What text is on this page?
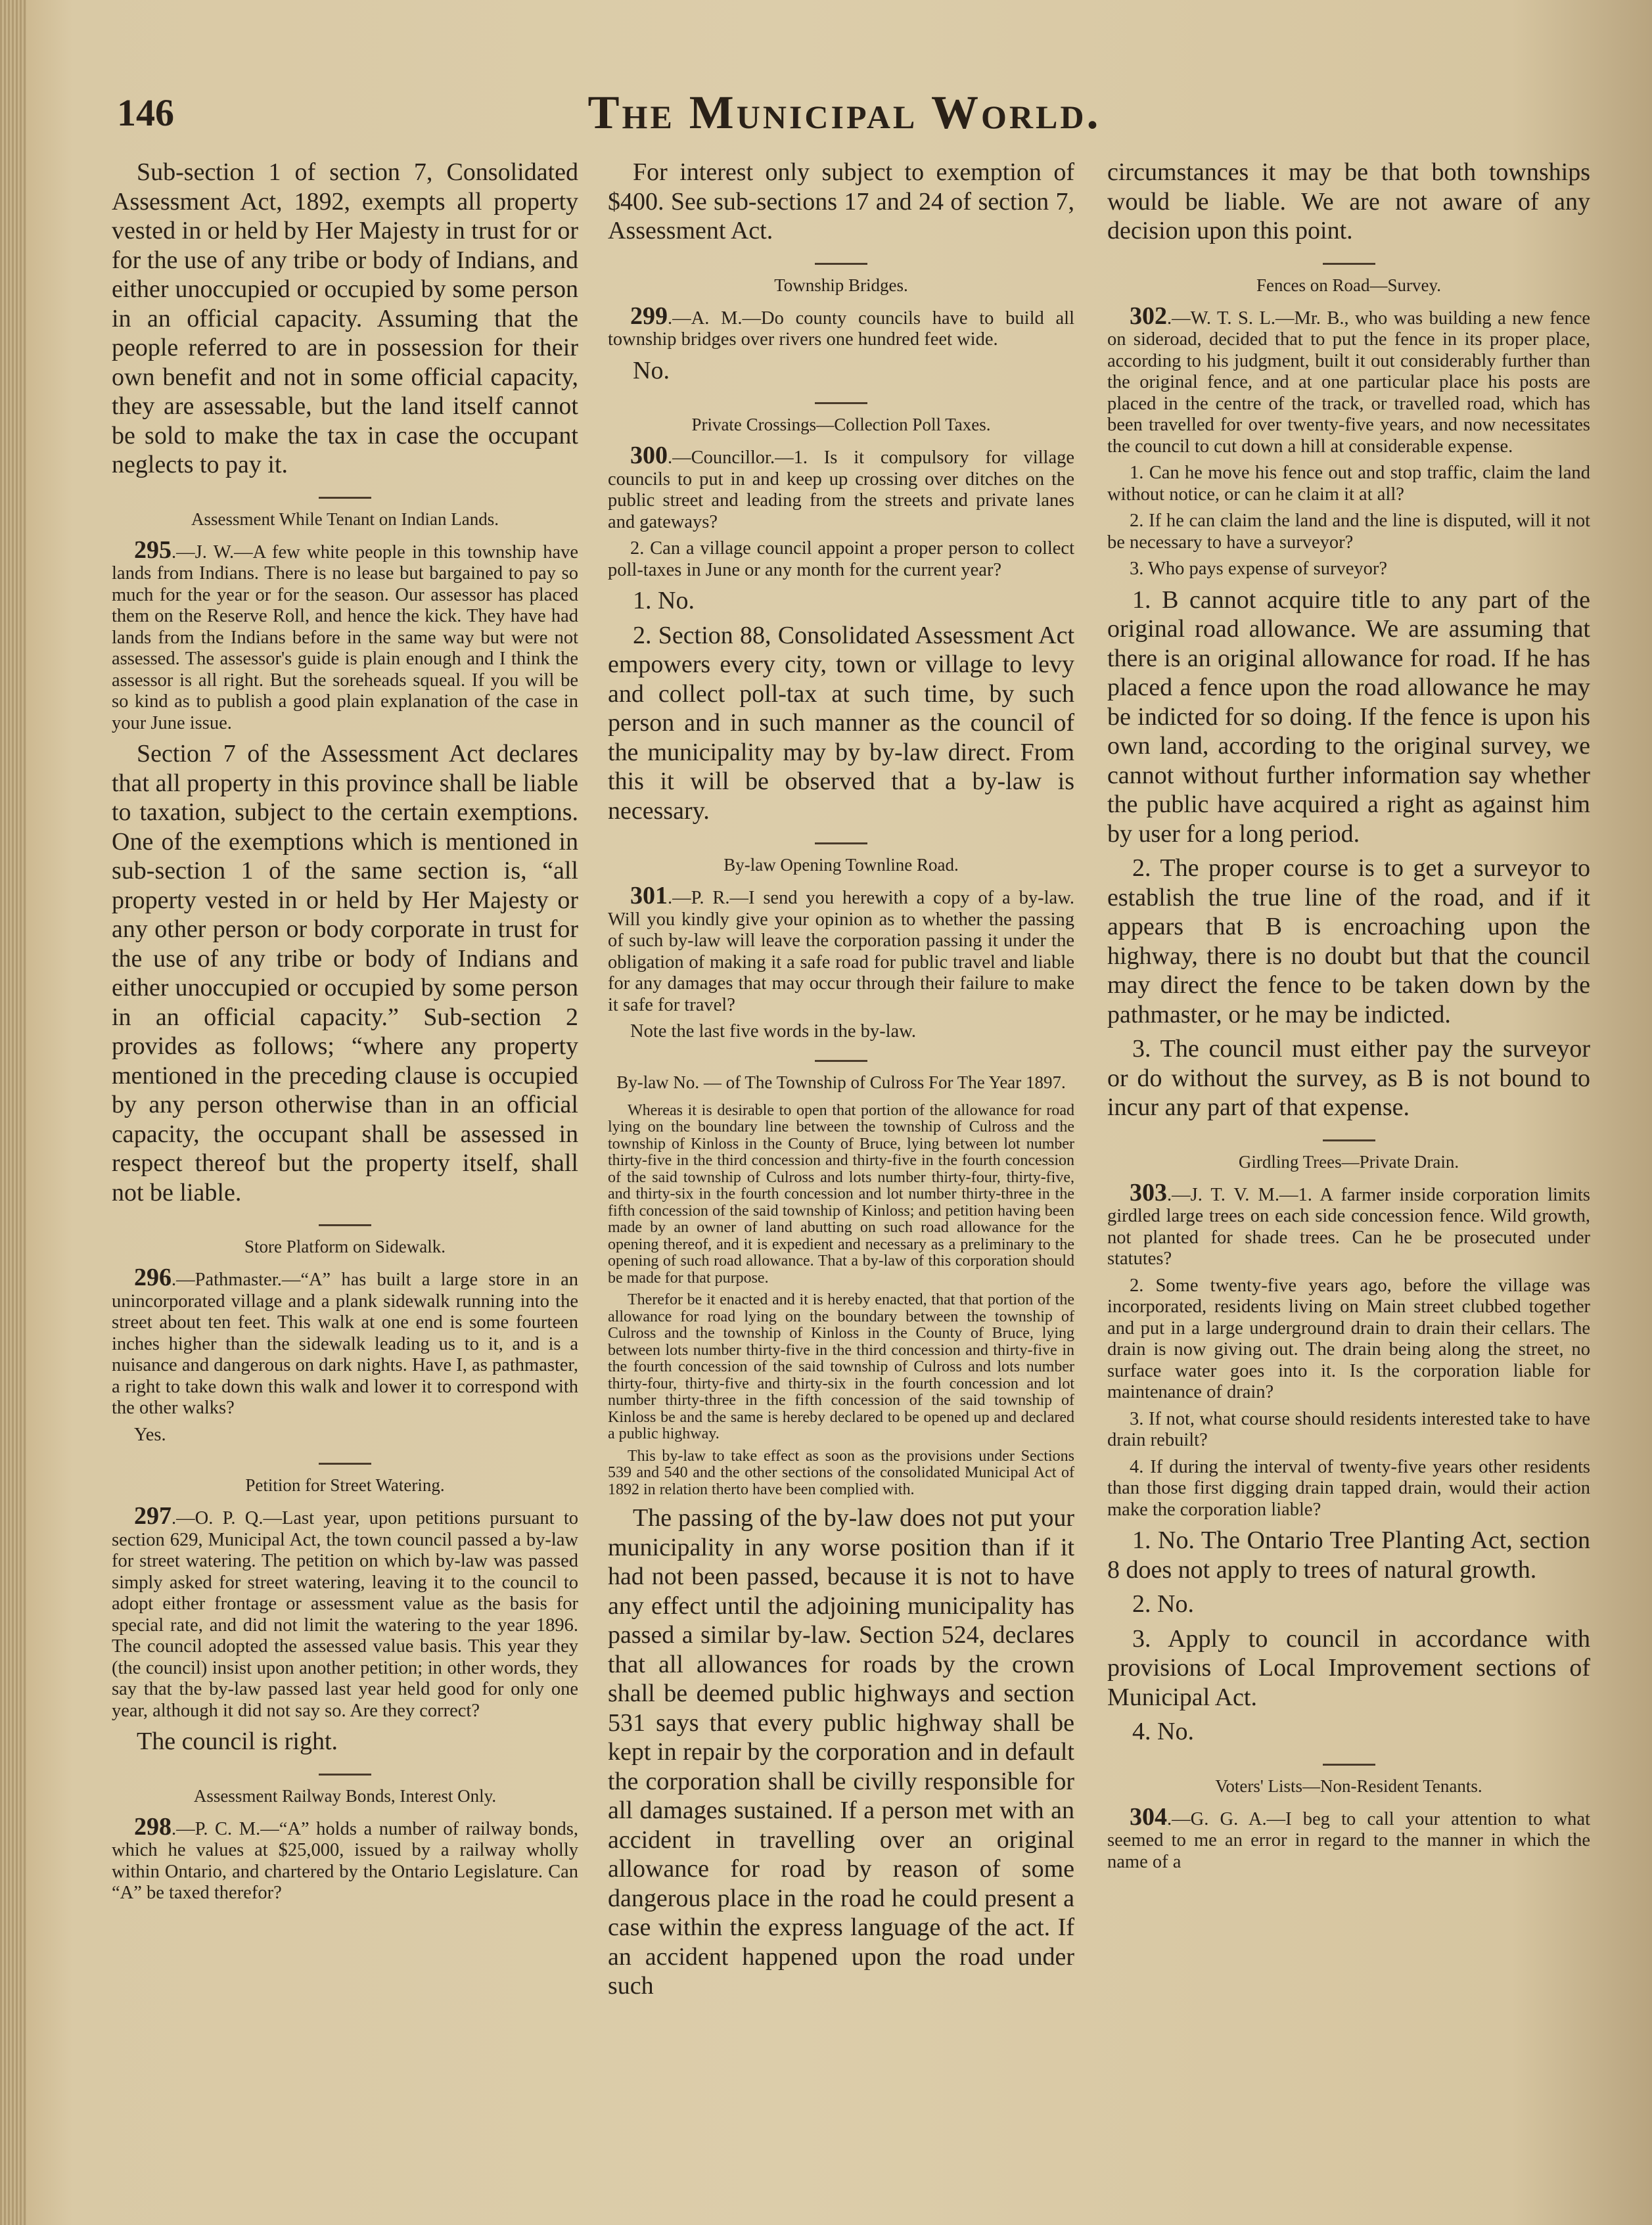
146	The Municipal World.

Sub-section 1 of section 7, Consolidated Assessment Act, 1892, exempts all property vested in or held by Her Majesty in trust for or for the use of any tribe or body of Indians, and either unoccupied or occupied by some person in an official capacity. Assuming that the people referred to are in possession for their own benefit and not in some official capacity, they are assessable, but the land itself cannot be sold to make the tax in case the occupant neglects to pay it.

Assessment While Tenant on Indian Lands.

295.—J. W.—A few white people in this township have lands from Indians. There is no lease but bargained to pay so much for the year or for the season. Our assessor has placed them on the Reserve Roll, and hence the kick. They have had lands from the Indians before in the same way but were not assessed. The assessor's guide is plain enough and I think the assessor is all right. But the soreheads squeal. If you will be so kind as to publish a good plain explanation of the case in your June issue.

Section 7 of the Assessment Act declares that all property in this province shall be liable to taxation, subject to the certain exemptions. One of the exemptions which is mentioned in sub-section 1 of the same section is, “all property vested in or held by Her Majesty or any other person or body corporate in trust for the use of any tribe or body of Indians and either unoccupied or occupied by some person in an official capacity.” Sub-section 2 provides as follows; “where any property mentioned in the preceding clause is occupied by any person otherwise than in an official capacity, the occupant shall be assessed in respect thereof but the property itself, shall not be liable.

Store Platform on Sidewalk.

296.—Pathmaster.—“A” has built a large store in an unincorporated village and a plank sidewalk running into the street about ten feet. This walk at one end is some fourteen inches higher than the sidewalk leading us to it, and is a nuisance and dangerous on dark nights. Have I, as pathmaster, a right to take down this walk and lower it to correspond with the other walks?

Yes.

Petition for Street Watering.

297.—O. P. Q.—Last year, upon petitions pursuant to section 629, Municipal Act, the town council passed a by-law for street watering. The petition on which by-law was passed simply asked for street watering, leaving it to the council to adopt either frontage or assessment value as the basis for special rate, and did not limit the watering to the year 1896. The council adopted the assessed value basis. This year they (the council) insist upon another petition; in other words, they say that the by-law passed last year held good for only one year, although it did not say so. Are they correct?

The council is right.

Assessment Railway Bonds, Interest Only.

298.—P. C. M.—“A” holds a number of railway bonds, which he values at $25,000, issued by a railway wholly within Ontario, and chartered by the Ontario Legislature. Can “A” be taxed therefor?

For interest only subject to exemption of $400. See sub-sections 17 and 24 of section 7, Assessment Act.

Township Bridges.

299.—A. M.—Do county councils have to build all township bridges over rivers one hundred feet wide.

No.

Private Crossings—Collection Poll Taxes.

300.—Councillor.—1. Is it compulsory for village councils to put in and keep up crossing over ditches on the public street and leading from the streets and private lanes and gateways?

2. Can a village council appoint a proper person to collect poll-taxes in June or any month for the current year?

1. No.

2. Section 88, Consolidated Assessment Act empowers every city, town or village to levy and collect poll-tax at such time, by such person and in such manner as the council of the municipality may by by-law direct. From this it will be observed that a by-law is necessary.

By-law Opening Townline Road.

301.—P. R.—I send you herewith a copy of a by-law. Will you kindly give your opinion as to whether the passing of such by-law will leave the corporation passing it under the obligation of making it a safe road for public travel and liable for any damages that may occur through their failure to make it safe for travel?

Note the last five words in the by-law.

By-law No. — of The Township of Culross For The Year 1897.

Whereas it is desirable to open that portion of the allowance for road lying on the boundary line between the township of Culross and the township of Kinloss in the County of Bruce, lying between lot number thirty-five in the third concession and thirty-five in the fourth concession of the said township of Culross and lots number thirty-four, thirty-five, and thirty-six in the fourth concession and lot number thirty-three in the fifth concession of the said township of Kinloss; and petition having been made by an owner of land abutting on such road allowance for the opening thereof, and it is expedient and necessary as a preliminary to the opening of such road allowance. That a by-law of this corporation should be made for that purpose.

Therefor be it enacted and it is hereby enacted, that that portion of the allowance for road lying on the boundary between the township of Culross and the township of Kinloss in the County of Bruce, lying between lots number thirty-five in the third concession and thirty-five in the fourth concession of the said township of Culross and lots number thirty-four, thirty-five and thirty-six in the fourth concession and lot number thirty-three in the fifth concession of the said township of Kinloss be and the same is hereby declared to be opened up and declared a public highway.

This by-law to take effect as soon as the provisions under Sections 539 and 540 and the other sections of the consolidated Municipal Act of 1892 in relation therto have been complied with.

The passing of the by-law does not put your municipality in any worse position than if it had not been passed, because it is not to have any effect until the adjoining municipality has passed a similar by-law. Section 524, declares that all allowances for roads by the crown shall be deemed public highways and section 531 says that every public highway shall be kept in repair by the corporation and in default the corporation shall be civilly responsible for all damages sustained. If a person met with an accident in travelling over an original allowance for road by reason of some dangerous place in the road he could present a case within the express language of the act. If an accident happened upon the road under such

circumstances it may be that both townships would be liable. We are not aware of any decision upon this point.

Fences on Road—Survey.

302.—W. T. S. L.—Mr. B., who was building a new fence on sideroad, decided that to put the fence in its proper place, according to his judgment, built it out considerably further than the original fence, and at one particular place his posts are placed in the centre of the track, or travelled road, which has been travelled for over twenty-five years, and now necessitates the council to cut down a hill at considerable expense.

1. Can he move his fence out and stop traffic, claim the land without notice, or can he claim it at all?

2. If he can claim the land and the line is disputed, will it not be necessary to have a surveyor?

3. Who pays expense of surveyor?

1. B cannot acquire title to any part of the original road allowance. We are assuming that there is an original allowance for road. If he has placed a fence upon the road allowance he may be indicted for so doing. If the fence is upon his own land, according to the original survey, we cannot without further information say whether the public have acquired a right as against him by user for a long period.

2. The proper course is to get a surveyor to establish the true line of the road, and if it appears that B is encroaching upon the highway, there is no doubt but that the council may direct the fence to be taken down by the pathmaster, or he may be indicted.

3. The council must either pay the surveyor or do without the survey, as B is not bound to incur any part of that expense.

Girdling Trees—Private Drain.

303.—J. T. V. M.—1. A farmer inside corporation limits girdled large trees on each side concession fence. Wild growth, not planted for shade trees. Can he be prosecuted under statutes?

2. Some twenty-five years ago, before the village was incorporated, residents living on Main street clubbed together and put in a large underground drain to drain their cellars. The drain is now giving out. The drain being along the street, no surface water goes into it. Is the corporation liable for maintenance of drain?

3. If not, what course should residents interested take to have drain rebuilt?

4. If during the interval of twenty-five years other residents than those first digging drain tapped drain, would their action make the corporation liable?

1. No. The Ontario Tree Planting Act, section 8 does not apply to trees of natural growth.

2. No.

3. Apply to council in accordance with provisions of Local Improvement sections of Municipal Act.

4. No.

Voters' Lists—Non-Resident Tenants.

304.—G. G. A.—I beg to call your attention to what seemed to me an error in regard to the manner in which the name of a
